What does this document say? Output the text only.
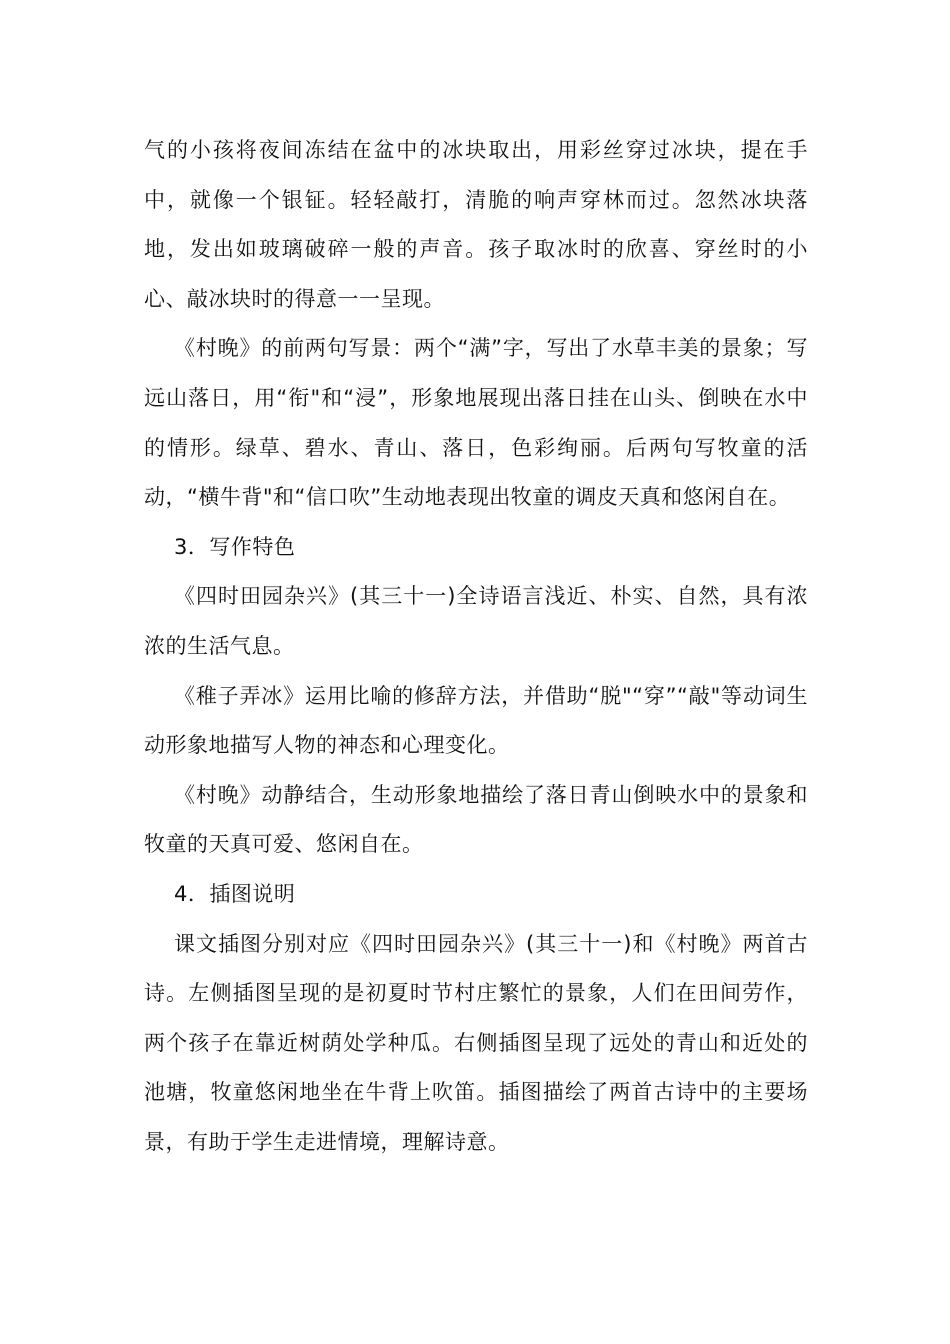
气的小孩将夜间冻结在盆中的冰块取出，用彩丝穿过冰块，提在手中，就像一个银钲。轻轻敲打，清脆的响声穿林而过。忽然冰块落地，发出如玻璃破碎一般的声音。孩子取冰时的欣喜、穿丝时的小心、敲冰块时的得意一一呈现。

《村晚》的前两句写景：两个“满”字，写出了水草丰美的景象；写远山落日，用“衔"和“浸”，形象地展现出落日挂在山头、倒映在水中的情形。绿草、碧水、青山、落日，色彩绚丽。后两句写牧童的活动，“横牛背"和“信口吹”生动地表现出牧童的调皮天真和悠闲自在。

3．写作特色

《四时田园杂兴》(其三十一)全诗语言浅近、朴实、自然，具有浓浓的生活气息。

《稚子弄冰》运用比喻的修辞方法，并借助“脱"“穿”“敲"等动词生动形象地描写人物的神态和心理变化。

《村晚》动静结合，生动形象地描绘了落日青山倒映水中的景象和牧童的天真可爱、悠闲自在。

4．插图说明

课文插图分别对应《四时田园杂兴》(其三十一)和《村晚》两首古诗。左侧插图呈现的是初夏时节村庄繁忙的景象，人们在田间劳作，两个孩子在靠近树荫处学种瓜。右侧插图呈现了远处的青山和近处的池塘，牧童悠闲地坐在牛背上吹笛。插图描绘了两首古诗中的主要场景，有助于学生走进情境，理解诗意。
